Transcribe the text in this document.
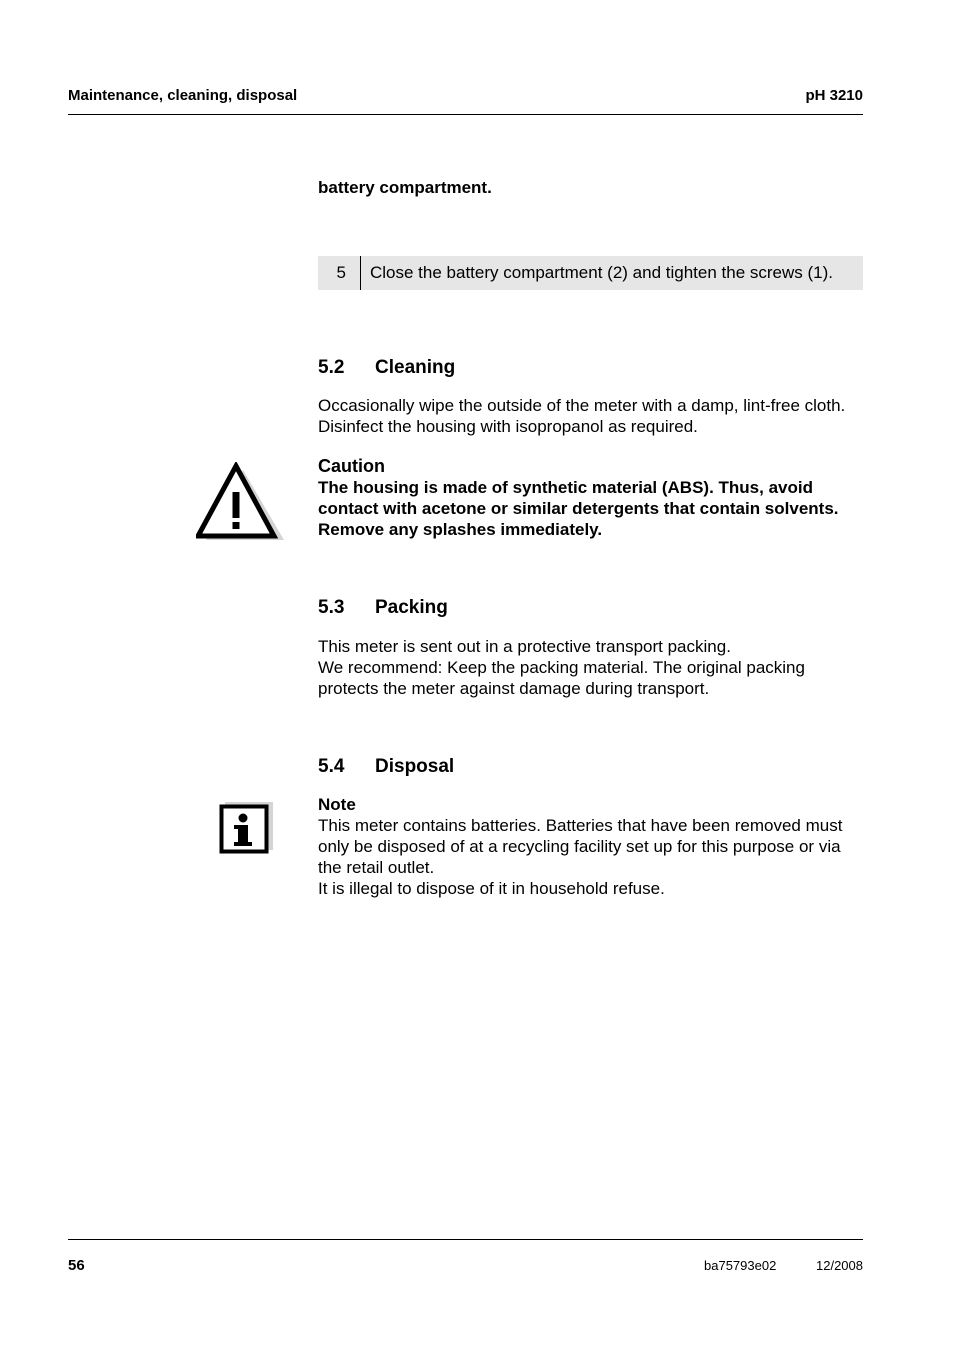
Maintenance, cleaning, disposal	pH 3210
battery compartment.
5	Close the battery compartment (2) and tighten the screws (1).
5.2 Cleaning
Occasionally wipe the outside of the meter with a damp, lint-free cloth.
Disinfect the housing with isopropanol as required.
Caution
The housing is made of synthetic material (ABS). Thus, avoid
contact with acetone or similar detergents that contain solvents.
Remove any splashes immediately.
5.3 Packing
This meter is sent out in a protective transport packing.
We recommend: Keep the packing material. The original packing
protects the meter against damage during transport.
5.4 Disposal
Note
This meter contains batteries. Batteries that have been removed must
only be disposed of at a recycling facility set up for this purpose or via
the retail outlet.
It is illegal to dispose of it in household refuse.
56	ba75793e02	12/2008
